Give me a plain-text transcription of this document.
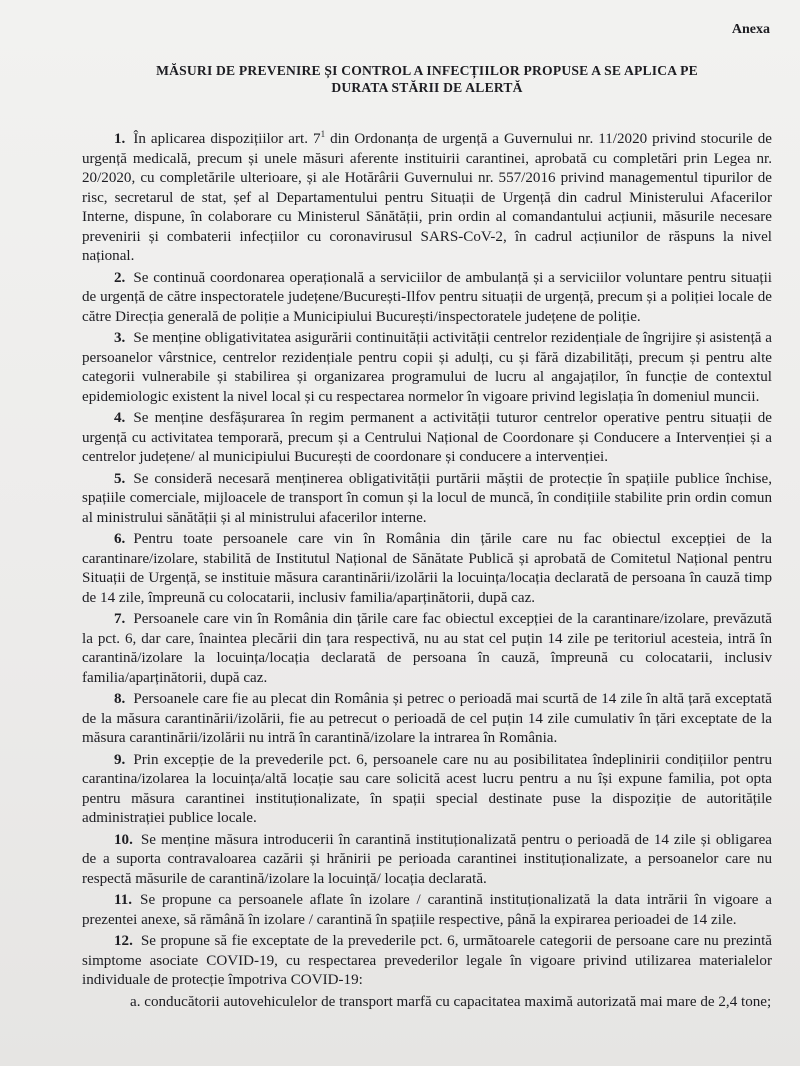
Anexa
MĂSURI DE PREVENIRE ȘI CONTROL A INFECȚIILOR PROPUSE A SE APLICA PE
DURATA STĂRII DE ALERTĂ

1. În aplicarea dispozițiilor art. $7^1$ din Ordonanța de urgență a Guvernului nr. 11/2020 privind stocurile de urgență medicală, precum și unele măsuri aferente instituirii carantinei, aprobată cu completări prin Legea nr. 20/2020, cu completările ulterioare, și ale Hotărârii Guvernului nr. 557/2016 privind managementul tipurilor de risc, secretarul de stat, șef al Departamentului pentru Situații de Urgență din cadrul Ministerului Afacerilor Interne, dispune, în colaborare cu Ministerul Sănătății, prin ordin al comandantului acțiunii, măsurile necesare prevenirii și combaterii infecțiilor cu coronavirusul SARS-CoV-2, în cadrul acțiunilor de răspuns la nivel național.

2. Se continuă coordonarea operațională a serviciilor de ambulanță și a serviciilor voluntare pentru situații de urgență de către inspectoratele județene/București-Ilfov pentru situații de urgență, precum și a poliției locale de către Direcția generală de poliție a Municipiului București/inspectoratele județene de poliție.

3. Se menține obligativitatea asigurării continuității activității centrelor rezidențiale de îngrijire și asistență a persoanelor vârstnice, centrelor rezidențiale pentru copii și adulți, cu și fără dizabilități, precum și pentru alte categorii vulnerabile și stabilirea și organizarea programului de lucru al angajaților, în funcție de contextul epidemiologic existent la nivel local și cu respectarea normelor în vigoare privind legislația în domeniul muncii.

4. Se menține desfășurarea în regim permanent a activității tuturor centrelor operative pentru situații de urgență cu activitatea temporară, precum și a Centrului Național de Coordonare și Conducere a Intervenției și a centrelor județene/ al municipiului București de coordonare și conducere a intervenției.

5. Se consideră necesară menținerea obligativității purtării măștii de protecție în spațiile publice închise, spațiile comerciale, mijloacele de transport în comun și la locul de muncă, în condițiile stabilite prin ordin comun al ministrului sănătății și al ministrului afacerilor interne.

6. Pentru toate persoanele care vin în România din țările care nu fac obiectul excepției de la carantinare/izolare, stabilită de Institutul Național de Sănătate Publică și aprobată de Comitetul Național pentru Situații de Urgență, se instituie măsura carantinării/izolării la locuința/locația declarată de persoana în cauză timp de 14 zile, împreună cu colocatarii, inclusiv familia/aparținătorii, după caz.

7. Persoanele care vin în România din țările care fac obiectul excepției de la carantinare/izolare, prevăzută la pct. 6, dar care, înaintea plecării din țara respectivă, nu au stat cel puțin 14 zile pe teritoriul acesteia, intră în carantină/izolare la locuința/locația declarată de persoana în cauză, împreună cu colocatarii, inclusiv familia/aparținătorii, după caz.

8. Persoanele care fie au plecat din România și petrec o perioadă mai scurtă de 14 zile în altă țară exceptată de la măsura carantinării/izolării, fie au petrecut o perioadă de cel puțin 14 zile cumulativ în țări exceptate de la măsura carantinării/izolării nu intră în carantină/izolare la intrarea în România.

9. Prin excepție de la prevederile pct. 6, persoanele care nu au posibilitatea îndeplinirii condițiilor pentru carantina/izolarea la locuința/altă locație sau care solicită acest lucru pentru a nu își expune familia, pot opta pentru măsura carantinei instituționalizate, în spații special destinate puse la dispoziție de autoritățile administrației publice locale.

10. Se menține măsura introducerii în carantină instituționalizată pentru o perioadă de 14 zile și obligarea de a suporta contravaloarea cazării și hrănirii pe perioada carantinei instituționalizate, a persoanelor care nu respectă măsurile de carantină/izolare la locuință/ locația declarată.

11. Se propune ca persoanele aflate în izolare / carantină instituționalizată la data intrării în vigoare a prezentei anexe, să rămână în izolare / carantină în spațiile respective, până la expirarea perioadei de 14 zile.

12. Se propune să fie exceptate de la prevederile pct. 6, următoarele categorii de persoane care nu prezintă simptome asociate COVID-19, cu respectarea prevederilor legale în vigoare privind utilizarea materialelor individuale de protecție împotriva COVID-19:

a. conducătorii autovehiculelor de transport marfă cu capacitatea maximă autorizată mai mare de 2,4 tone;
